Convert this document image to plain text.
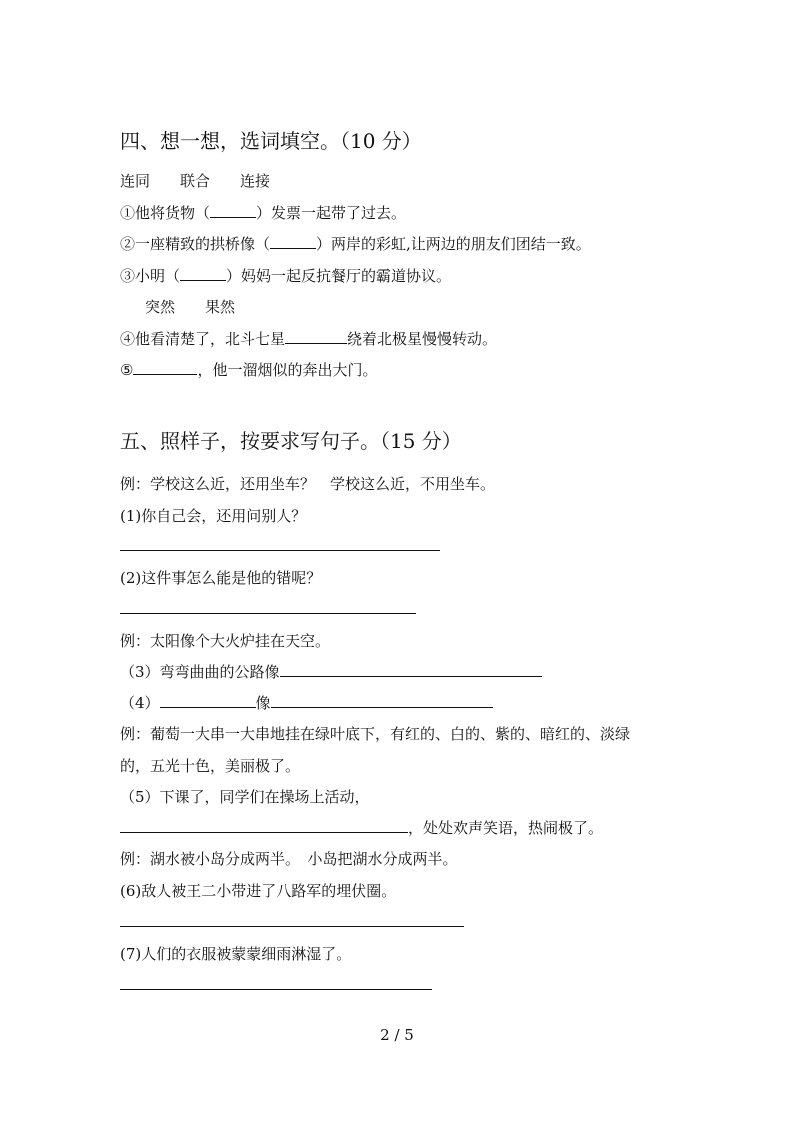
四、想一想，选词填空。（10 分）
连同　　联合　　连接
①他将货物（	）发票一起带了过去。
②一座精致的拱桥像（	）两岸的彩虹,让两边的朋友们团结一致。
③小明（	）妈妈一起反抗餐厅的霸道协议。
突然　　果然
④他看清楚了，北斗七星	绕着北极星慢慢转动。
⑤	，他一溜烟似的奔出大门。
五、照样子，按要求写句子。（15 分）
例：学校这么近，还用坐车？　学校这么近，不用坐车。
(1)你自己会，还用问别人？
(2)这件事怎么能是他的错呢？
例：太阳像个大火炉挂在天空。
（3）弯弯曲曲的公路像
（4）	像
例：葡萄一大串一大串地挂在绿叶底下，有红的、白的、紫的、暗红的、淡绿
的，五光十色，美丽极了。
（5）下课了，同学们在操场上活动，
，处处欢声笑语，热闹极了。
例：湖水被小岛分成两半。　小岛把湖水分成两半。
(6)敌人被王二小带进了八路军的埋伏圈。
(7)人们的衣服被蒙蒙细雨淋湿了。
2 / 5
